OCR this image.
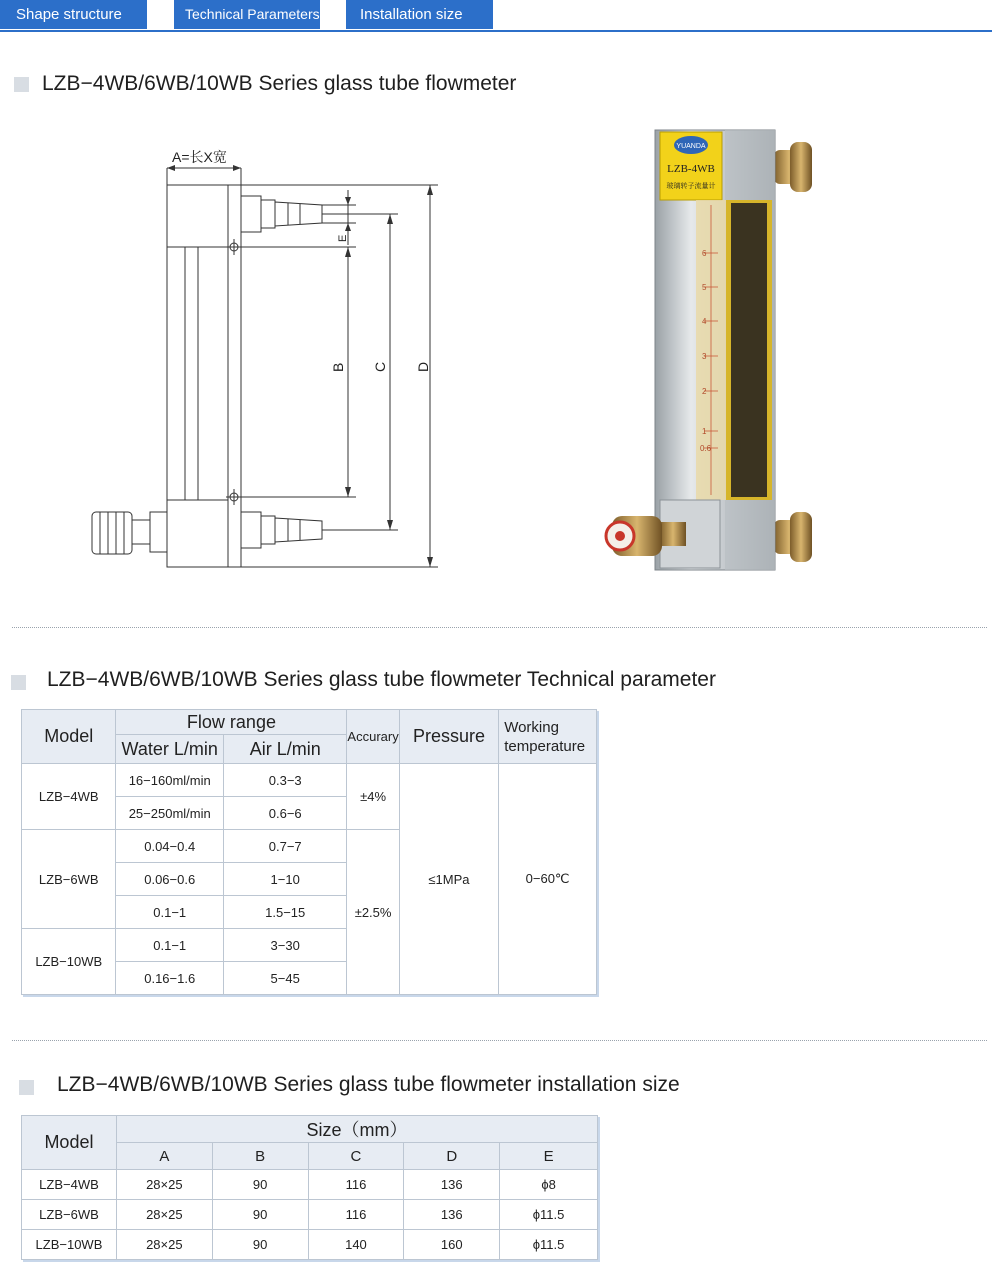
Shape structure	Technical Parameters	Installation size
LZB−4WB/6WB/10WB Series glass tube flowmeter
A=长X宽
B C D
E
YUANDA
LZB-4WB
玻璃转子流量计
6
5
4
3
2
1
0.6
LZB−4WB/6WB/10WB Series glass tube flowmeter Technical parameter
Model	Flow range		Accurary	Pressure	Working
temperature

	Water L/min	Air L/min			
LZB−4WB	16−160ml/min	0.3−3	±4%	≤1MPa	0−60℃
	25−250ml/min	0.6−6			
LZB−6WB	0.04−0.4	0.7−7	±2.5%		
	0.06−0.6	1−10			
	0.1−1	1.5−15			
LZB−10WB	0.1−1	3−30			
	0.16−1.6	5−45			
LZB−4WB/6WB/10WB Series glass tube flowmeter installation size
Model	Size（mm）				
	A	B	C	D	E
LZB−4WB	28×25	90	116	136	ϕ8
LZB−6WB	28×25	90	116	136	ϕ11.5
LZB−10WB	28×25	90	140	160	ϕ11.5
